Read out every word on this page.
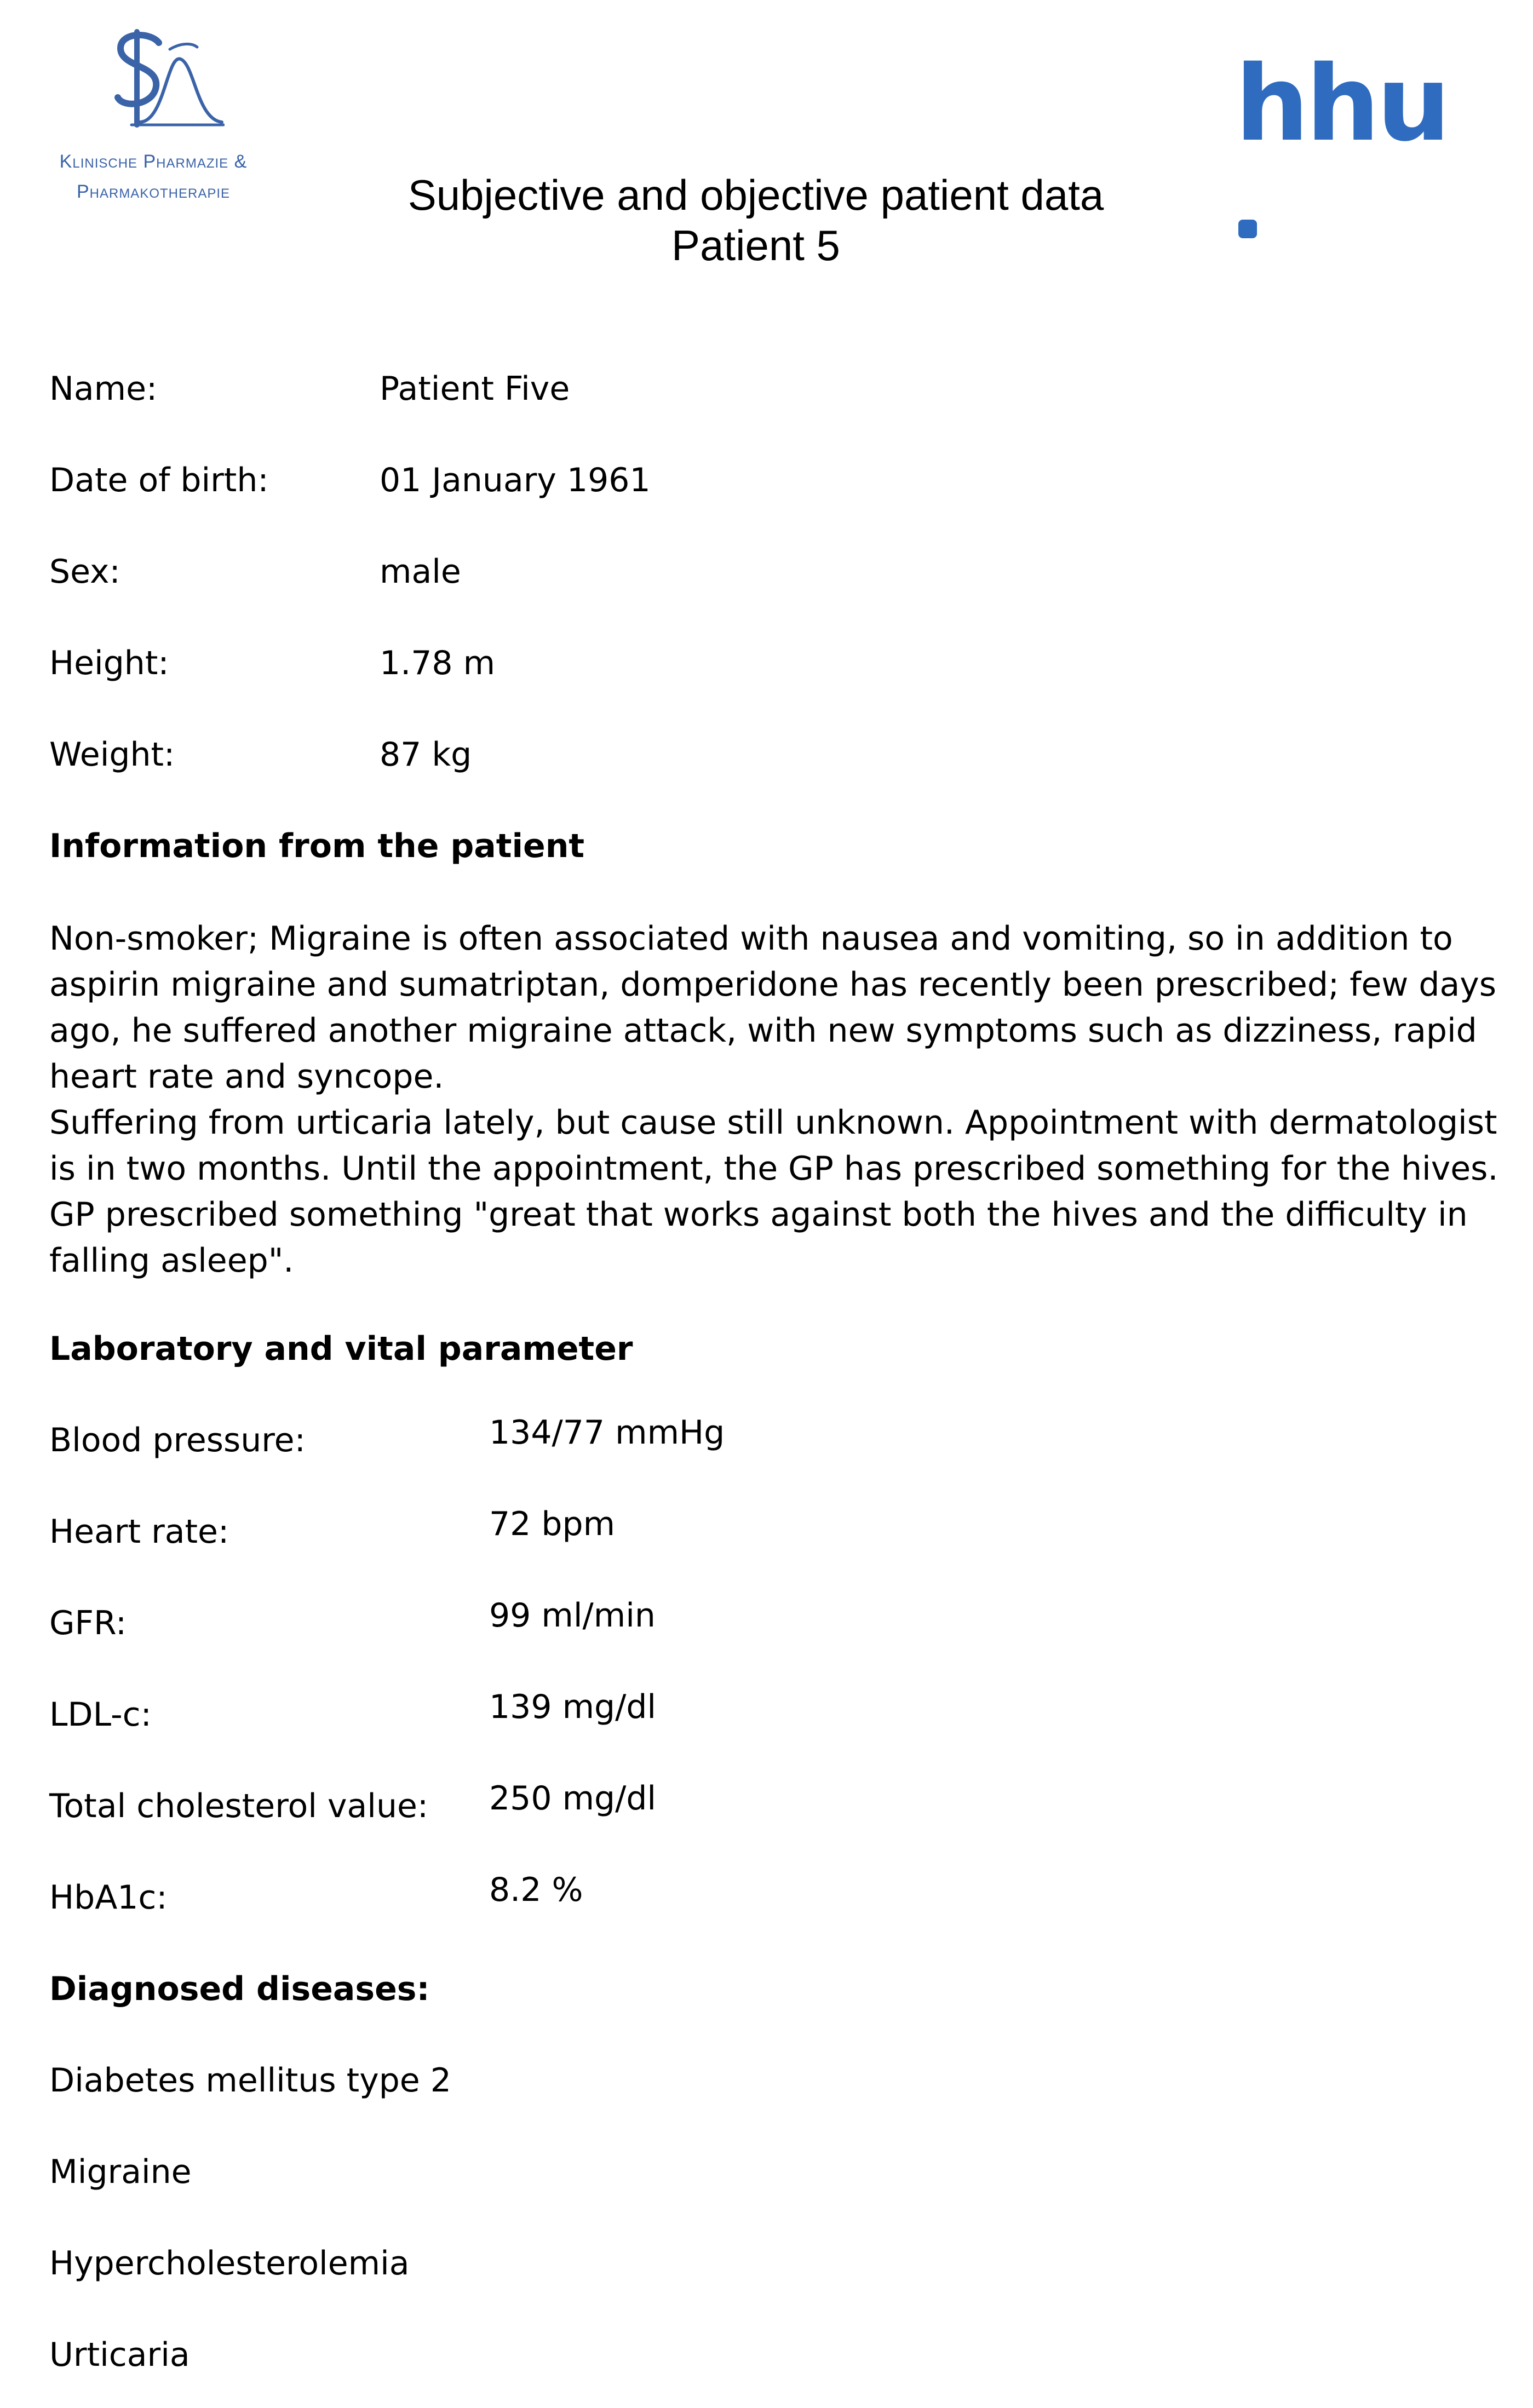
Klinische Pharmazie &
Pharmakotherapie
hhu
Subjective and objective patient data
Patient 5
Name:	Patient Five
Date of birth:	01 January 1961
Sex:	male
Height:	1.78 m
Weight:	87 kg
Information from the patient

Non-smoker; Migraine is often associated with nausea and vomiting, so in addition to aspirin migraine and sumatriptan, domperidone has recently been prescribed; few days ago, he suffered another migraine attack, with new symptoms such as dizziness, rapid heart rate and syncope.

Suffering from urticaria lately, but cause still unknown. Appointment with dermatologist is in two months. Until the appointment, the GP has prescribed something for the hives. GP prescribed something "great that works against both the hives and the difficulty in falling asleep".

Laboratory and vital parameter
Blood pressure:	134/77 mmHg
Heart rate:	72 bpm
GFR:	99 ml/min
LDL-c:	139 mg/dl
Total cholesterol value: 250 mg/dl
HbA1c:	8.2 %
Diagnosed diseases:
Diabetes mellitus type 2
Migraine
Hypercholesterolemia
Urticaria
